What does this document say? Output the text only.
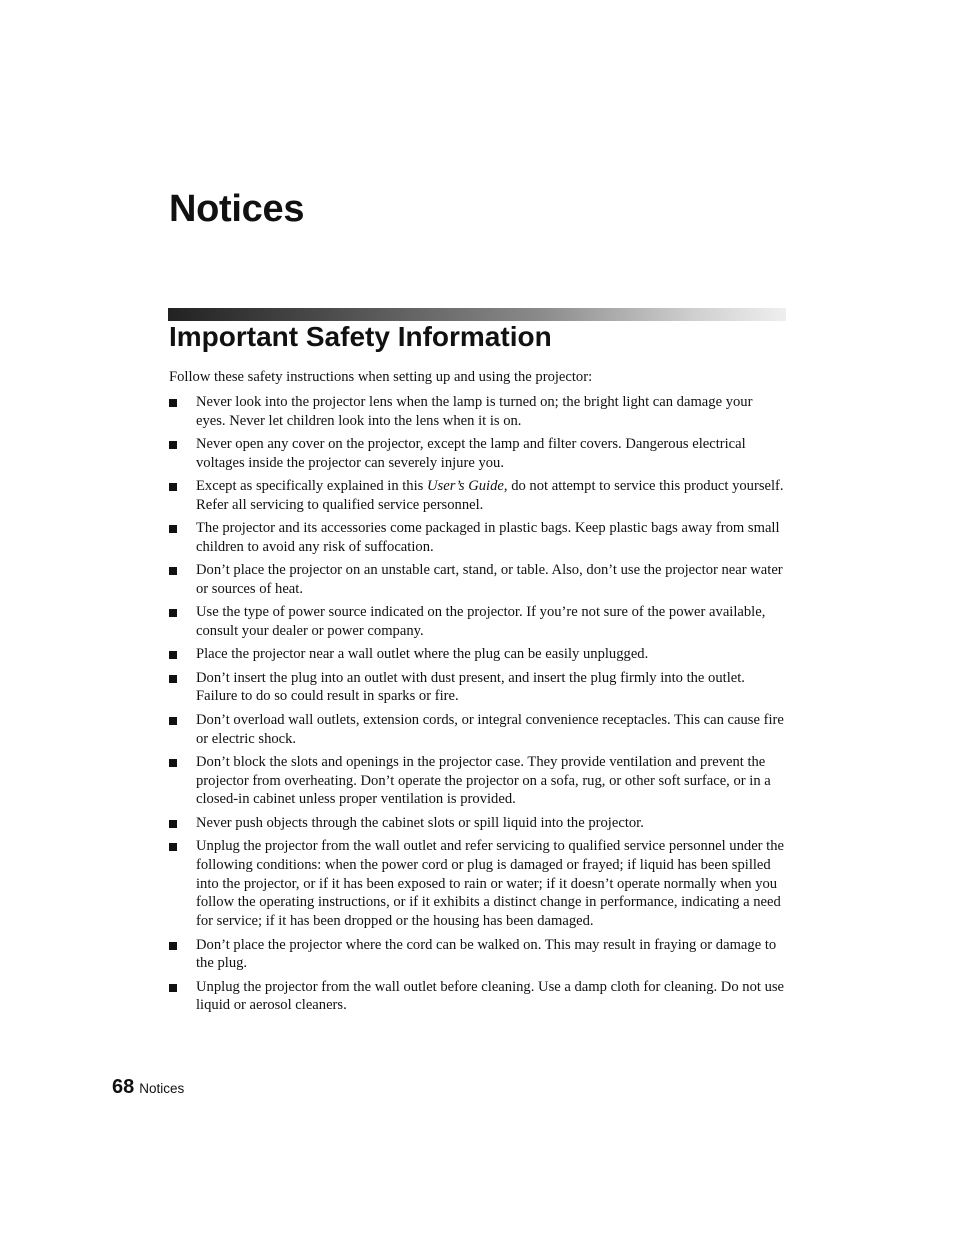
Notices
Important Safety Information

Follow these safety instructions when setting up and using the projector:

Never look into the projector lens when the lamp is turned on; the bright light can damage your eyes. Never let children look into the lens when it is on.
Never open any cover on the projector, except the lamp and filter covers. Dangerous electrical voltages inside the projector can severely injure you.
Except as specifically explained in this User’s Guide, do not attempt to service this product yourself. Refer all servicing to qualified service personnel.
The projector and its accessories come packaged in plastic bags. Keep plastic bags away from small children to avoid any risk of suffocation.
Don’t place the projector on an unstable cart, stand, or table. Also, don’t use the projector near water or sources of heat.
Use the type of power source indicated on the projector. If you’re not sure of the power available, consult your dealer or power company.
Place the projector near a wall outlet where the plug can be easily unplugged.
Don’t insert the plug into an outlet with dust present, and insert the plug firmly into the outlet. Failure to do so could result in sparks or fire.
Don’t overload wall outlets, extension cords, or integral convenience receptacles. This can cause fire or electric shock.
Don’t block the slots and openings in the projector case. They provide ventilation and prevent the projector from overheating. Don’t operate the projector on a sofa, rug, or other soft surface, or in a closed-in cabinet unless proper ventilation is provided.
Never push objects through the cabinet slots or spill liquid into the projector.
Unplug the projector from the wall outlet and refer servicing to qualified service personnel under the following conditions: when the power cord or plug is damaged or frayed; if liquid has been spilled into the projector, or if it has been exposed to rain or water; if it doesn’t operate normally when you follow the operating instructions, or if it exhibits a distinct change in performance, indicating a need for service; if it has been dropped or the housing has been damaged.
Don’t place the projector where the cord can be walked on. This may result in fraying or damage to the plug.
Unplug the projector from the wall outlet before cleaning. Use a damp cloth for cleaning. Do not use liquid or aerosol cleaners.
68 Notices
